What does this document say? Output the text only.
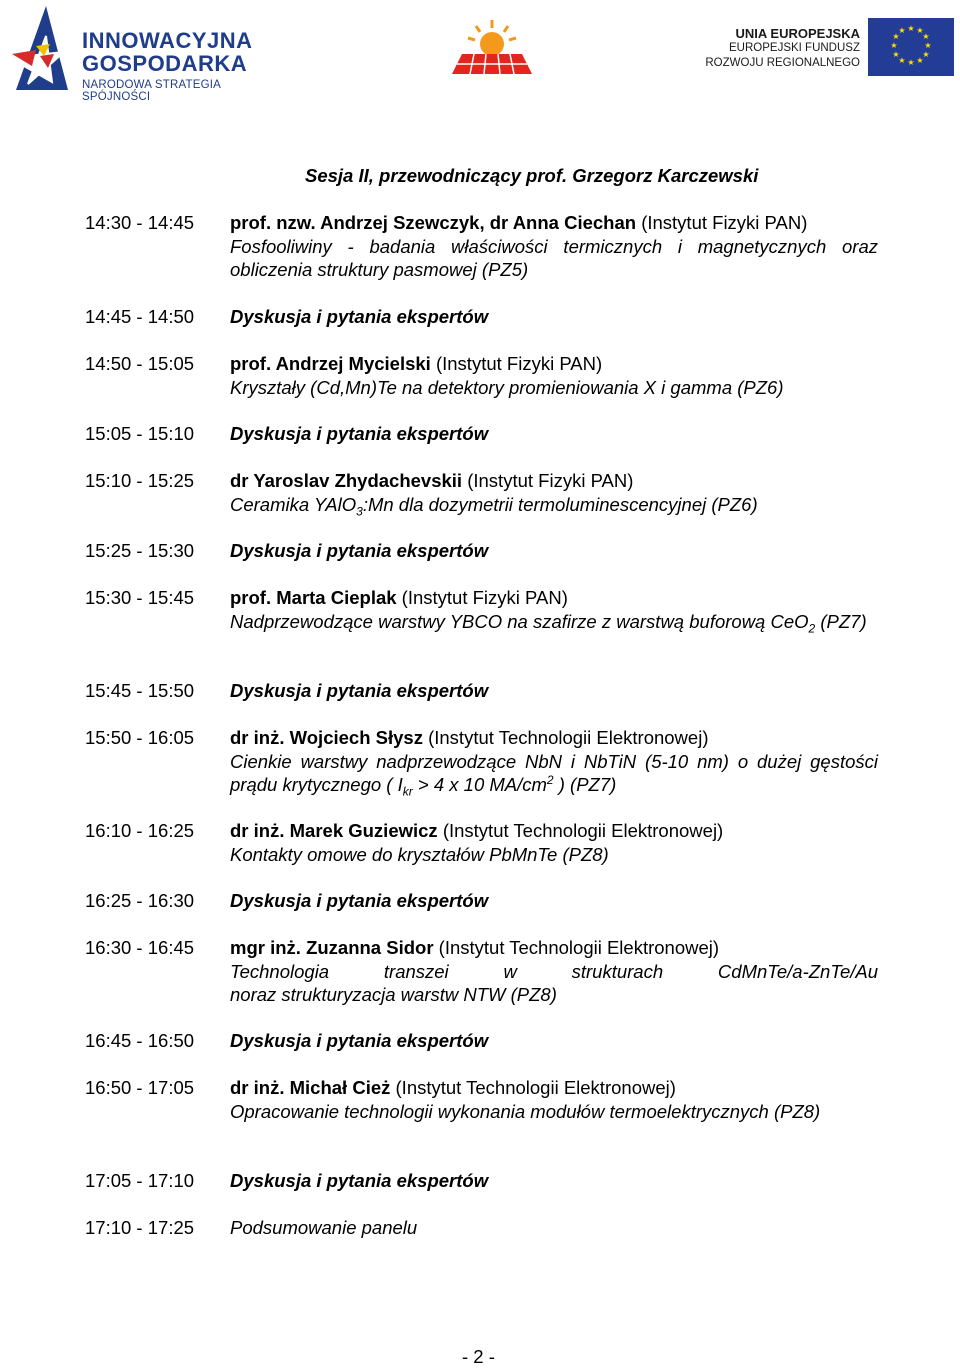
INNOWACYJNA
GOSPODARKA
NARODOWA STRATEGIA SPÓJNOŚCI
UNIA EUROPEJSKA
EUROPEJSKI FUNDUSZ
ROZWOJU REGIONALNEGO
★ ★
★
★
★
★
★
★
★
★
★
★
Sesja II, przewodniczący prof. Grzegorz Karczewski
14:30 - 14:45 prof. nzw. Andrzej Szewczyk, dr Anna Ciechan (Instytut Fizyki PAN)
Fosfooliwiny - badania właściwości termicznych i magnetycznych oraz obliczenia struktury pasmowej (PZ5)
14:45 - 14:50 Dyskusja i pytania ekspertów
14:50 - 15:05 prof. Andrzej Mycielski (Instytut Fizyki PAN)
Kryształy (Cd,Mn)Te na detektory promieniowania X i gamma (PZ6)
15:05 - 15:10 Dyskusja i pytania ekspertów
15:10 - 15:25 dr Yaroslav Zhydachevskii (Instytut Fizyki PAN)
Ceramika YAlO$_3$:Mn dla dozymetrii termoluminescencyjnej (PZ6)
15:25 - 15:30 Dyskusja i pytania ekspertów
15:30 - 15:45 prof. Marta Cieplak (Instytut Fizyki PAN)
Nadprzewodzące warstwy YBCO na szafirze z warstwą buforową CeO$_2$ (PZ7)
15:45 - 15:50 Dyskusja i pytania ekspertów
15:50 - 16:05 dr inż. Wojciech Słysz (Instytut Technologii Elektronowej)
Cienkie warstwy nadprzewodzące NbN i NbTiN (5-10 nm) o dużej gęstości prądu krytycznego ( $I_{kr} > 4$ x 10 $MA/cm^2$ ) (PZ7)
16:10 - 16:25 dr inż. Marek Guziewicz (Instytut Technologii Elektronowej)
Kontakty omowe do kryształów PbMnTe (PZ8)
16:25 - 16:30 Dyskusja i pytania ekspertów
16:30 - 16:45 mgr inż. Zuzanna Sidor (Instytut Technologii Elektronowej)
Technologia transzei w strukturach CdMnTe/a-ZnTe/Au
noraz strukturyzacja warstw NTW (PZ8)
16:45 - 16:50 Dyskusja i pytania ekspertów
16:50 - 17:05 dr inż. Michał Cież (Instytut Technologii Elektronowej)
Opracowanie technologii wykonania modułów termoelektrycznych (PZ8)
17:05 - 17:10 Dyskusja i pytania ekspertów
17:10 - 17:25 Podsumowanie panelu
- 2 -
